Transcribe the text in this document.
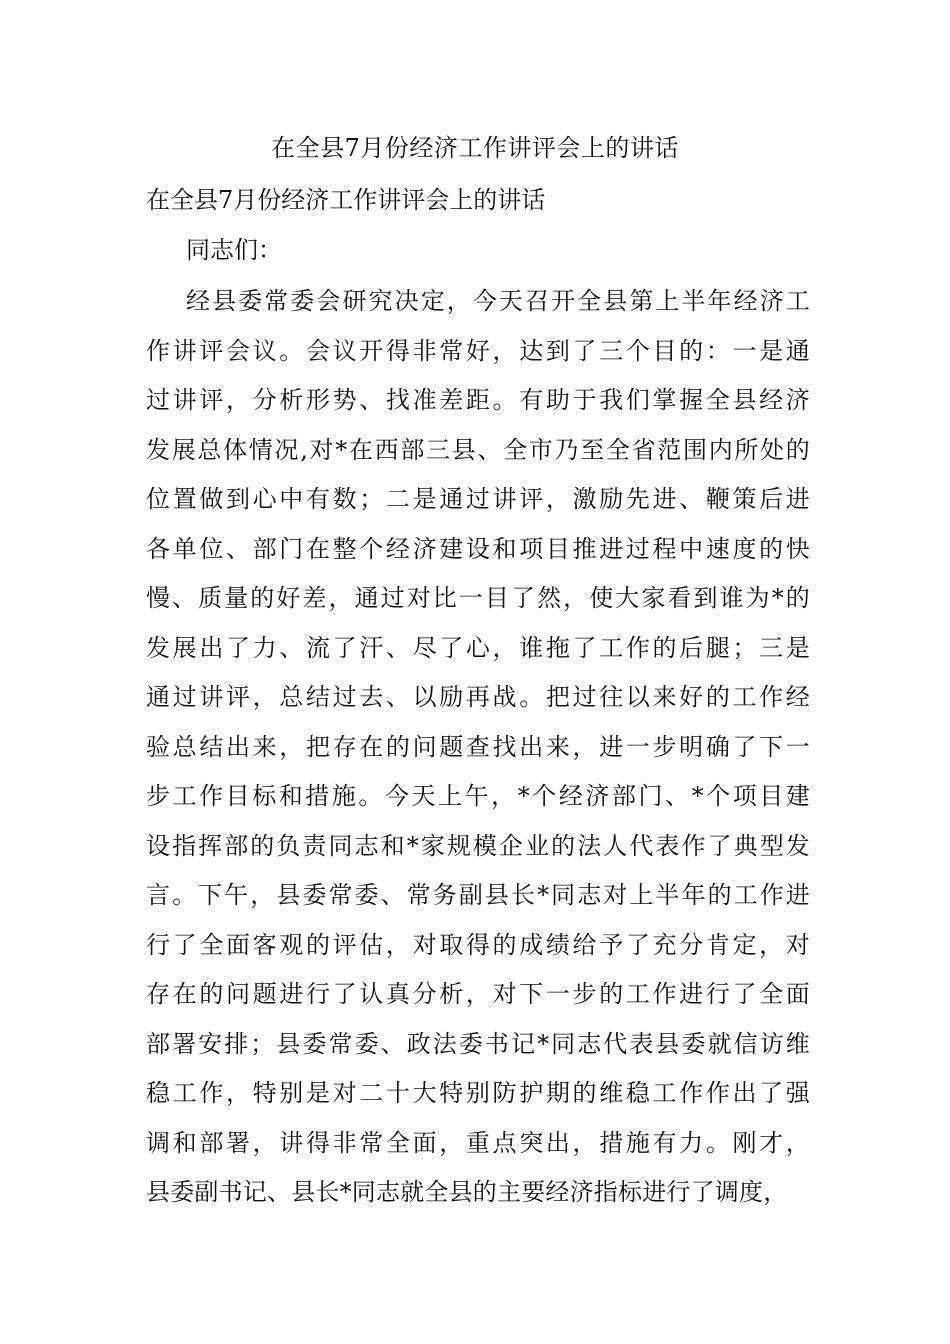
在全县7月份经济工作讲评会上的讲话
在全县7月份经济工作讲评会上的讲话
同志们：
经县委常委会研究决定，今天召开全县第上半年经济工
作讲评会议。会议开得非常好，达到了三个目的：一是通
过讲评，分析形势、找准差距。有助于我们掌握全县经济
发展总体情况,对*在西部三县、全市乃至全省范围内所处的
位置做到心中有数；二是通过讲评，激励先进、鞭策后进
各单位、部门在整个经济建设和项目推进过程中速度的快
慢、质量的好差，通过对比一目了然，使大家看到谁为*的
发展出了力、流了汗、尽了心，谁拖了工作的后腿；三是
通过讲评，总结过去、以励再战。把过往以来好的工作经
验总结出来，把存在的问题查找出来，进一步明确了下一
步工作目标和措施。今天上午，*个经济部门、*个项目建
设指挥部的负责同志和*家规模企业的法人代表作了典型发
言。下午，县委常委、常务副县长*同志对上半年的工作进
行了全面客观的评估，对取得的成绩给予了充分肯定，对
存在的问题进行了认真分析，对下一步的工作进行了全面
部署安排；县委常委、政法委书记*同志代表县委就信访维
稳工作，特别是对二十大特别防护期的维稳工作作出了强
调和部署，讲得非常全面，重点突出，措施有力。刚才，
县委副书记、县长*同志就全县的主要经济指标进行了调度，
